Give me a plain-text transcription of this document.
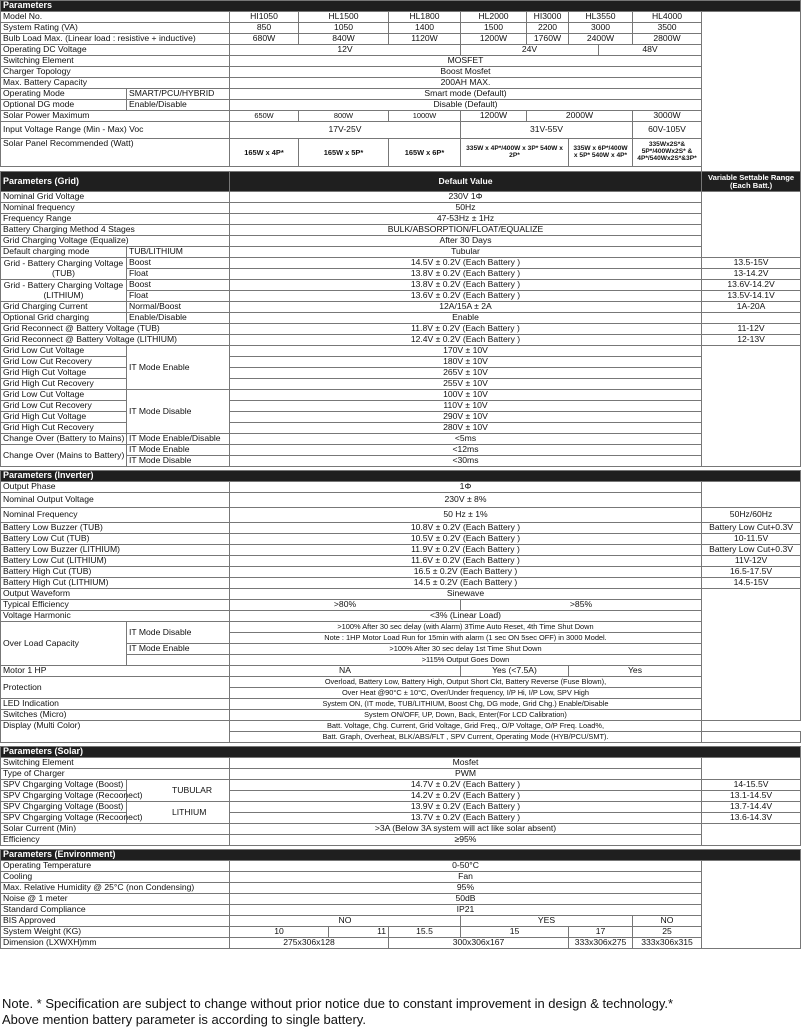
Parameters											
Model No.		HI1050	HL1500		HL1800	HL2000	HI3000	HL3550		HL4000	
System Rating (VA)		850	1050		1400	1500	2200	3000		3500	
Bulb Load Max. (Linear load : resistive + inductive)		680W	840W		1120W	1200W	1760W	2400W		2800W	
Operating DC Voltage		12V				24V			48V		
Switching Element		MOSFET									
Charger Topology		Boost Mosfet									
Max. Battery Capacity		200AH MAX.									
Operating Mode	SMART/PCU/HYBRID	Smart mode (Default)									
Optional DG mode	Enable/Disable	Disable (Default)									
Solar Power Maximum		650W	800W		1000W	1200W	2000W			3000W	
Input Voltage Range (Min - Max) Voc		17V-25V				31V-55V				60V-105V	
Solar Panel Recommended (Watt)		165W x 4P*	165W x 5P*		165W x 6P*	335W x 4P*/400W x 3P* 540W x 2P*		335W x 6P*/400W x 5P* 540W x 4P*		335Wx2S*& 5P*/400Wx2S* & 4P*/540Wx2S*&3P*	

Parameters (Grid)		Default Value									Variable Settable Range (Each Batt.)
Nominal Grid Voltage		230V 1Φ									
Nominal frequency		50Hz									
Frequency Range		47-53Hz ± 1Hz									
Battery Charging Method 4 Stages		BULK/ABSORPTION/FLOAT/EQUALIZE									
Grid Charging Voltage (Equalize)		After 30 Days									
Default charging mode	TUB/LITHIUM	Tubular									
Grid - Battery Charging Voltage (TUB)	Boost	14.5V ± 0.2V (Each Battery )									13.5-15V
	Float	13.8V ± 0.2V (Each Battery )									13-14.2V
Grid - Battery Charging Voltage (LITHIUM)	Boost	13.8V ± 0.2V (Each Battery )									13.6V-14.2V
	Float	13.6V ± 0.2V (Each Battery )									13.5V-14.1V
Grid Charging Current	Normal/Boost	12A/15A ± 2A									1A-20A
Optional Grid charging	Enable/Disable	Enable									
Grid Reconnect @ Battery Voltage (TUB)		11.8V ± 0.2V (Each Battery )									11-12V
Grid Reconnect @ Battery Voltage (LITHIUM)		12.4V ± 0.2V (Each Battery )									12-13V
Grid Low Cut Voltage	IT Mode Enable	170V ± 10V									
Grid Low Cut Recovery		180V ± 10V									
Grid High Cut Voltage		265V ± 10V									
Grid High Cut Recovery		255V ± 10V									
Grid Low Cut Voltage	IT Mode Disable	100V ± 10V									
Grid Low Cut Recovery		110V ± 10V									
Grid High Cut Voltage		290V ± 10V									
Grid High Cut Recovery		280V ± 10V									
Change Over (Battery to Mains)	IT Mode Enable/Disable	<5ms									
Change Over (Mains to Battery)	IT Mode Enable	<12ms									
	IT Mode Disable	<30ms									

Parameters (Inverter)											
Output Phase		1Φ									
Nominal Output Voltage		230V ± 8%									
Nominal Frequency		50 Hz ± 1%									50Hz/60Hz
Battery Low Buzzer (TUB)		10.8V ± 0.2V (Each Battery )									Battery Low Cut+0.3V
Battery Low Cut (TUB)		10.5V ± 0.2V (Each Battery )									10-11.5V
Battery Low Buzzer (LITHIUM)		11.9V ± 0.2V (Each Battery )									Battery Low Cut+0.3V
Battery Low Cut (LITHIUM)		11.6V ± 0.2V (Each Battery )									11V-12V
Battery High Cut (TUB)		16.5 ± 0.2V (Each Battery )									16.5-17.5V
Battery High Cut (LITHIUM)		14.5 ± 0.2V (Each Battery )									14.5-15V
Output Waveform		Sinewave									
Typical Efficiency		>80%				>85%					
Voltage Harmonic		<3% (Linear Load)									
Over Load Capacity	IT Mode Disable	>100% After 30 sec delay (with Alarm) 3Time Auto Reset, 4th Time Shut Down									
		Note : 1HP Motor Load Run for 15min with alarm (1 sec ON 5sec OFF) in 3000 Model.									
	IT Mode Enable	>100% After 30 sec delay 1st Time Shut Down									
		>115% Output Goes Down									
Motor 1 HP		NA				Yes (<7.5A)		Yes			
Protection		Overload, Battery Low, Battery High, Output Short Ckt, Battery Reverse (Fuse Blown),									
		Over Heat @90°C ± 10°C, Over/Under frequency, I/P Hi, I/P Low, SPV High									
LED Indication		System ON, (IT mode, TUB/LITHIUM, Boost Chg, DG mode, Grid Chg.) Enable/Disable									
Switches (Micro)		System ON/OFF, UP, Down, Back, Enter(For LCD Calibration)									
Display (Multi Color)		Batt. Voltage, Chg. Current, Grid Voltage, Grid Freq., O/P Voltage, O/P Freq. Load%,									
		Batt. Graph, Overheat, BLK/ABS/FLT , SPV Current, Operating Mode (HYB/PCU/SMT).									

Parameters (Solar)											
Switching Element		Mosfet									
Type of Charger		PWM									
SPV Chgarging Voltage (Boost)	TUBULAR	14.7V ± 0.2V (Each Battery )									14-15.5V
SPV Chgarging Voltage (Recoonect)		14.2V ± 0.2V (Each Battery )									13.1-14.5V
SPV Chgarging Voltage (Boost)	LITHIUM	13.9V ± 0.2V (Each Battery )									13.7-14.4V
SPV Chgarging Voltage (Recoonect)		13.7V ± 0.2V (Each Battery )									13.6-14.3V
Solar Current (Min)		>3A (Below 3A system will act like solar absent)									
Efficiency		≥95%									

Parameters (Environment)											
Operating Temperature		0-50°C									
Cooling		Fan									
Max. Relative Humidity @ 25°C (non Condensing)		95%									
Noise @ 1 meter		50dB									
Standard Compliance		IP21									
BIS Approved		NO				YES				NO	
System Weight (KG)		10		11	15.5	15		17		25	
Dimension (LXWXH)mm		275x306x128			300x306x167			333x306x275		333x306x315	
Note. * Specification are subject to change without prior notice due to constant improvement in design & technology.*
Above mention battery parameter is according to single battery.
